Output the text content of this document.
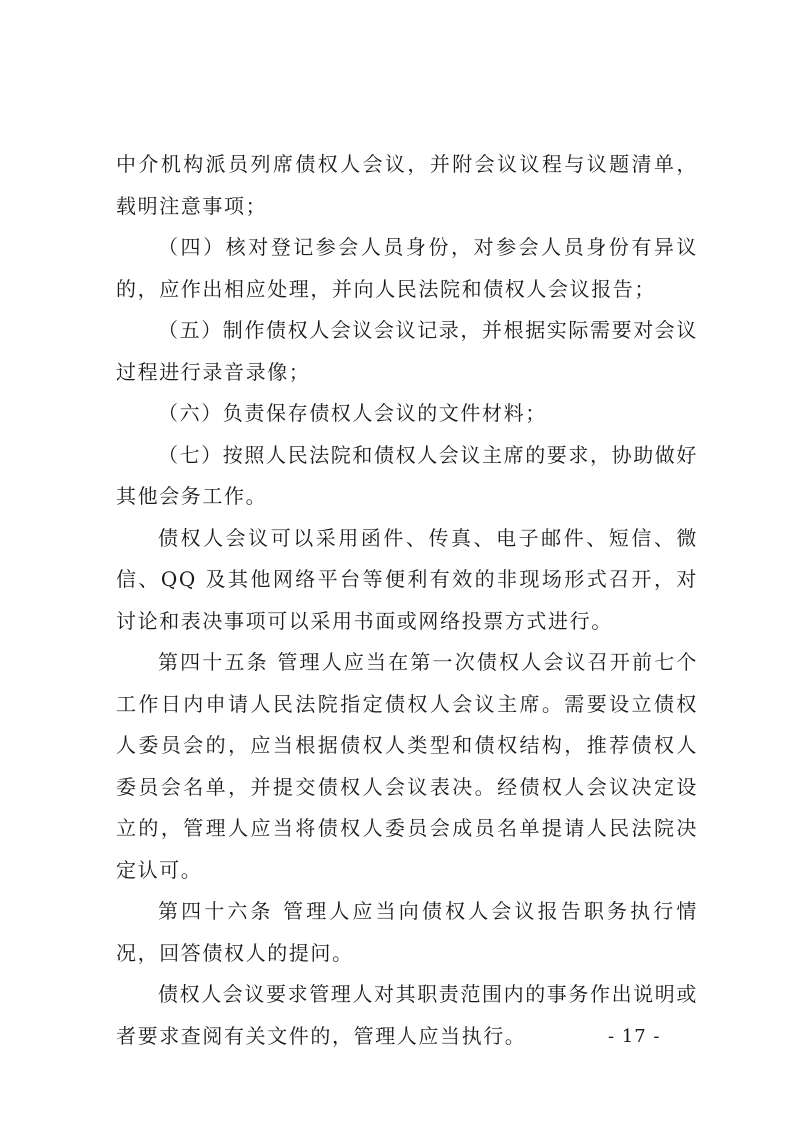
中介机构派员列席债权人会议，并附会议议程与议题清单，载明注意事项；

（四）核对登记参会人员身份，对参会人员身份有异议的，应作出相应处理，并向人民法院和债权人会议报告；

（五）制作债权人会议会议记录，并根据实际需要对会议过程进行录音录像；

（六）负责保存债权人会议的文件材料；

（七）按照人民法院和债权人会议主席的要求，协助做好其他会务工作。

债权人会议可以采用函件、传真、电子邮件、短信、微信、QQ 及其他网络平台等便利有效的非现场形式召开，对讨论和表决事项可以采用书面或网络投票方式进行。

第四十五条 管理人应当在第一次债权人会议召开前七个工作日内申请人民法院指定债权人会议主席。需要设立债权人委员会的，应当根据债权人类型和债权结构，推荐债权人委员会名单，并提交债权人会议表决。经债权人会议决定设立的，管理人应当将债权人委员会成员名单提请人民法院决定认可。

第四十六条 管理人应当向债权人会议报告职务执行情况，回答债权人的提问。

债权人会议要求管理人对其职责范围内的事务作出说明或者要求查阅有关文件的，管理人应当执行。	- 17 -
